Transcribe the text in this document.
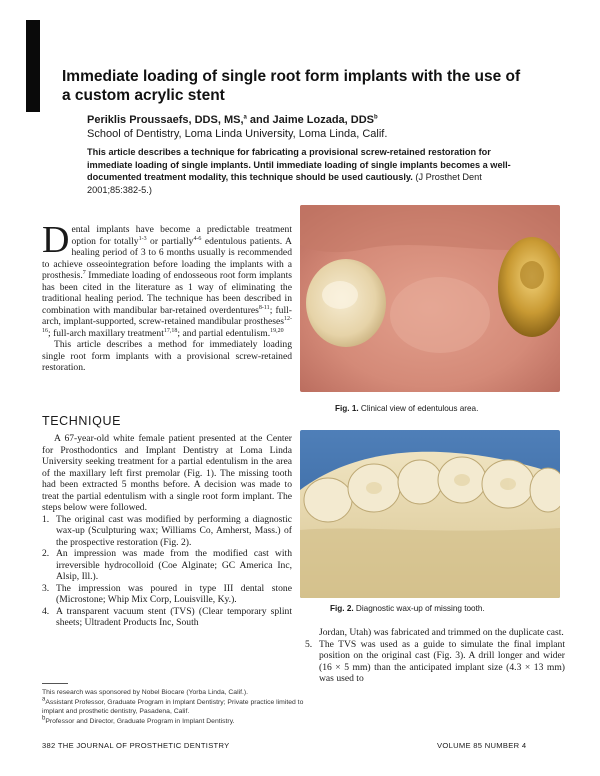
Immediate loading of single root form implants with the use of a custom acrylic stent
Periklis Proussaefs, DDS, MS,$^a$ and Jaime Lozada, DDS$^b$
School of Dentistry, Loma Linda University, Loma Linda, Calif.
This article describes a technique for fabricating a provisional screw-retained restoration for immediate loading of single implants. Until immediate loading of single implants becomes a well-documented treatment modality, this technique should be used cautiously. (J Prosthet Dent 2001;85:382-5.)

Dental implants have become a predictable treatment option for totally$^{1-3}$ or partially$^{4-6}$ edentulous patients. A healing period of 3 to 6 months usually is recommended to achieve osseointegration before loading the implants with a prosthesis.$^7$ Immediate loading of endosseous root form implants has been cited in the literature as 1 way of eliminating the traditional healing period. The technique has been described in combination with mandibular bar-retained overdentures$^{8-11}$; full-arch, implant-supported, screw-retained mandibular prostheses$^{12-16}$; full-arch maxillary treatment$^{17,18}$; and partial edentulism.$^{19,20}$

This article describes a method for immediately loading single root form implants with a provisional screw-retained restoration.

TECHNIQUE

A 67-year-old white female patient presented at the Center for Prosthodontics and Implant Dentistry at Loma Linda University seeking treatment for a partial edentulism in the area of the maxillary left first premolar (Fig. 1). The missing tooth had been extracted 5 months before. A decision was made to treat the partial edentulism with a single root form implant. The steps below were followed.

1. The original cast was modified by performing a diagnostic wax-up (Sculpturing wax; Williams Co, Amherst, Mass.) of the prospective restoration (Fig. 2).
2. An impression was made from the modified cast with irreversible hydrocolloid (Coe Alginate; GC America Inc, Alsip, Ill.).
3. The impression was poured in type III dental stone (Microstone; Whip Mix Corp, Louisville, Ky.).
4. A transparent vacuum stent (TVS) (Clear temporary splint sheets; Ultradent Products Inc, South
Fig. 1. Clinical view of edentulous area.
Fig. 2. Diagnostic wax-up of missing tooth.

Jordan, Utah) was fabricated and trimmed on the duplicate cast.

5. The TVS was used as a guide to simulate the final implant position on the original cast (Fig. 3). A drill longer and wider (16 × 5 mm) than the anticipated implant size (4.3 × 13 mm) was used to
This research was sponsored by Nobel Biocare (Yorba Linda, Calif.).
$^a$Assistant Professor, Graduate Program in Implant Dentistry; Private practice limited to implant and prosthetic dentistry, Pasadena, Calif.
$^b$Professor and Director, Graduate Program in Implant Dentistry.
382 THE JOURNAL OF PROSTHETIC DENTISTRY	VOLUME 85 NUMBER 4
